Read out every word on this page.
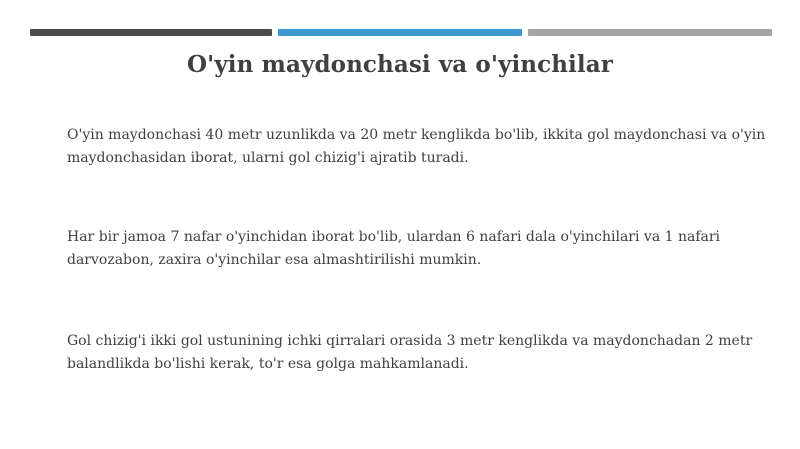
O'yin maydonchasi va o'yinchilar
O'yin maydonchasi 40 metr uzunlikda va 20 metr kenglikda bo'lib, ikkita gol maydonchasi va o'yin maydonchasidan iborat, ularni gol chizig'i ajratib turadi.
Har bir jamoa 7 nafar o'yinchidan iborat bo'lib, ulardan 6 nafari dala o'yinchilari va 1 nafari darvozabon, zaxira o'yinchilar esa almashtirilishi mumkin.
Gol chizig'i ikki gol ustunining ichki qirralari orasida 3 metr kenglikda va maydonchadan 2 metr balandlikda bo'lishi kerak, to'r esa golga mahkamlanadi.
